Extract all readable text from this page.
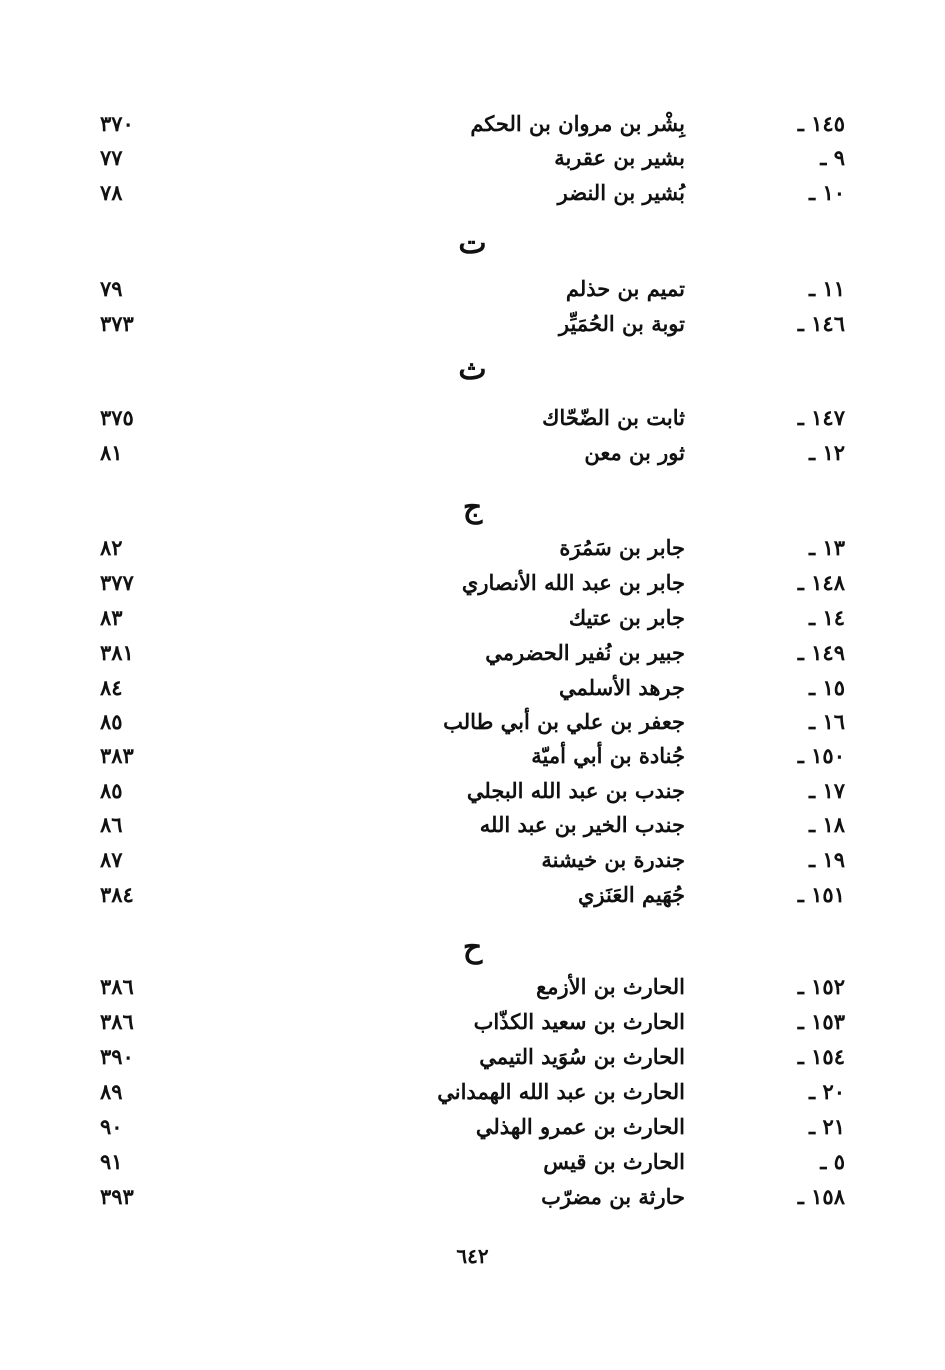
١٤٥ ـ
بِشْر بن مروان بن الحكم
٣٧٠
٩ ـ
بشير بن عقربة
٧٧
١٠ ـ
بُشير بن النضر
٧٨
ت
١١ ـ
تميم بن حذلم
٧٩
١٤٦ ـ
توبة بن الحُمَيِّر
٣٧٣
ث
١٤٧ ـ
ثابت بن الضّحّاك
٣٧٥
١٢ ـ
ثور بن معن
٨١
ج
١٣ ـ
جابر بن سَمُرَة
٨٢
١٤٨ ـ
جابر بن عبد الله الأنصاري
٣٧٧
١٤ ـ
جابر بن عتيك
٨٣
١٤٩ ـ
جبير بن نُفير الحضرمي
٣٨١
١٥ ـ
جرهد الأسلمي
٨٤
١٦ ـ
جعفر بن علي بن أبي طالب
٨٥
١٥٠ ـ
جُنادة بن أبي أميّة
٣٨٣
١٧ ـ
جندب بن عبد الله البجلي
٨٥
١٨ ـ
جندب الخير بن عبد الله
٨٦
١٩ ـ
جندرة بن خيشنة
٨٧
١٥١ ـ
جُهَيم العَنَزي
٣٨٤
ح
١٥٢ ـ
الحارث بن الأزمع
٣٨٦
١٥٣ ـ
الحارث بن سعيد الكذّاب
٣٨٦
١٥٤ ـ
الحارث بن سُوَيد التيمي
٣٩٠
٢٠ ـ
الحارث بن عبد الله الهمداني
٨٩
٢١ ـ
الحارث بن عمرو الهذلي
٩٠
٥ ـ
الحارث بن قيس
٩١
١٥٨ ـ
حارثة بن مضرّب
٣٩٣
٦٤٢
